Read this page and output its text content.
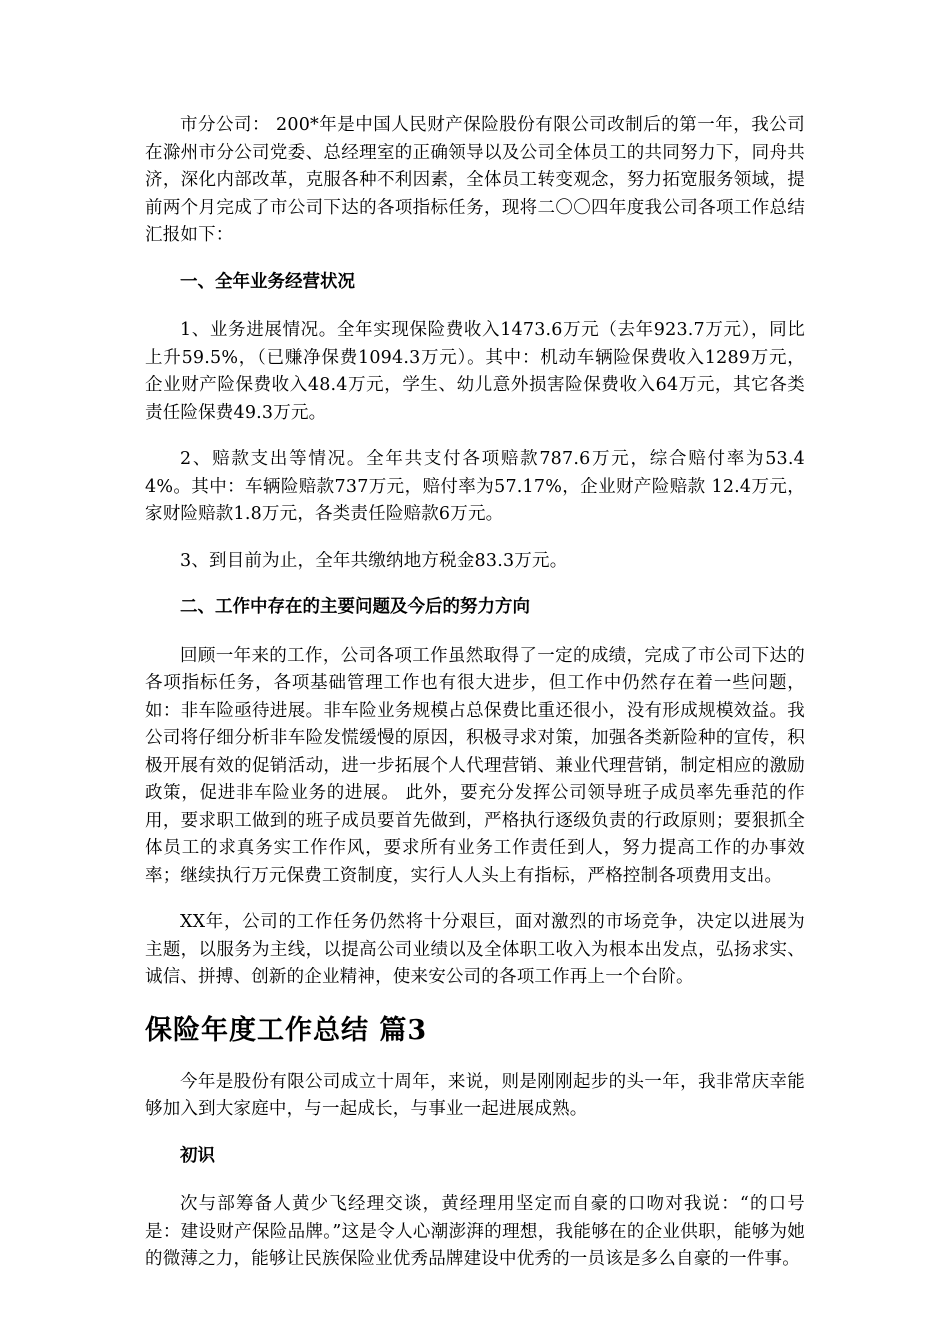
市分公司： 200*年是中国人民财产保险股份有限公司改制后的第一年，我公司在滁州市分公司党委、总经理室的正确领导以及公司全体员工的共同努力下，同舟共济，深化内部改革，克服各种不利因素，全体员工转变观念，努力拓宽服务领域，提前两个月完成了市公司下达的各项指标任务，现将二〇〇四年度我公司各项工作总结汇报如下：

一、全年业务经营状况

1、业务进展情况。全年实现保险费收入1473.6万元（去年923.7万元），同比上升59.5%，（已赚净保费1094.3万元）。其中：机动车辆险保费收入1289万元，企业财产险保费收入48.4万元，学生、幼儿意外损害险保费收入64万元，其它各类责任险保费49.3万元。

2、赔款支出等情况。全年共支付各项赔款787.6万元，综合赔付率为53.44%。其中：车辆险赔款737万元，赔付率为57.17%，企业财产险赔款 12.4万元，家财险赔款1.8万元，各类责任险赔款6万元。

3、到目前为止，全年共缴纳地方税金83.3万元。

二、工作中存在的主要问题及今后的努力方向

回顾一年来的工作，公司各项工作虽然取得了一定的成绩，完成了市公司下达的各项指标任务，各项基础管理工作也有很大进步，但工作中仍然存在着一些问题，如：非车险亟待进展。非车险业务规模占总保费比重还很小，没有形成规模效益。我公司将仔细分析非车险发慌缓慢的原因，积极寻求对策，加强各类新险种的宣传，积极开展有效的促销活动，进一步拓展个人代理营销、兼业代理营销，制定相应的激励政策，促进非车险业务的进展。 此外，要充分发挥公司领导班子成员率先垂范的作用，要求职工做到的班子成员要首先做到，严格执行逐级负责的行政原则；要狠抓全体员工的求真务实工作作风，要求所有业务工作责任到人，努力提高工作的办事效率；继续执行万元保费工资制度，实行人人头上有指标，严格控制各项费用支出。

XX年，公司的工作任务仍然将十分艰巨，面对激烈的市场竞争，决定以进展为主题，以服务为主线，以提高公司业绩以及全体职工收入为根本出发点，弘扬求实、诚信、拼搏、创新的企业精神，使来安公司的各项工作再上一个台阶。

保险年度工作总结 篇3

今年是股份有限公司成立十周年，来说，则是刚刚起步的头一年，我非常庆幸能够加入到大家庭中，与一起成长，与事业一起进展成熟。

初识

次与部筹备人黄少飞经理交谈，黄经理用坚定而自豪的口吻对我说：“的口号是：建设财产保险品牌。”这是令人心潮澎湃的理想，我能够在的企业供职，能够为她的微薄之力，能够让民族保险业优秀品牌建设中优秀的一员该是多么自豪的一件事。
